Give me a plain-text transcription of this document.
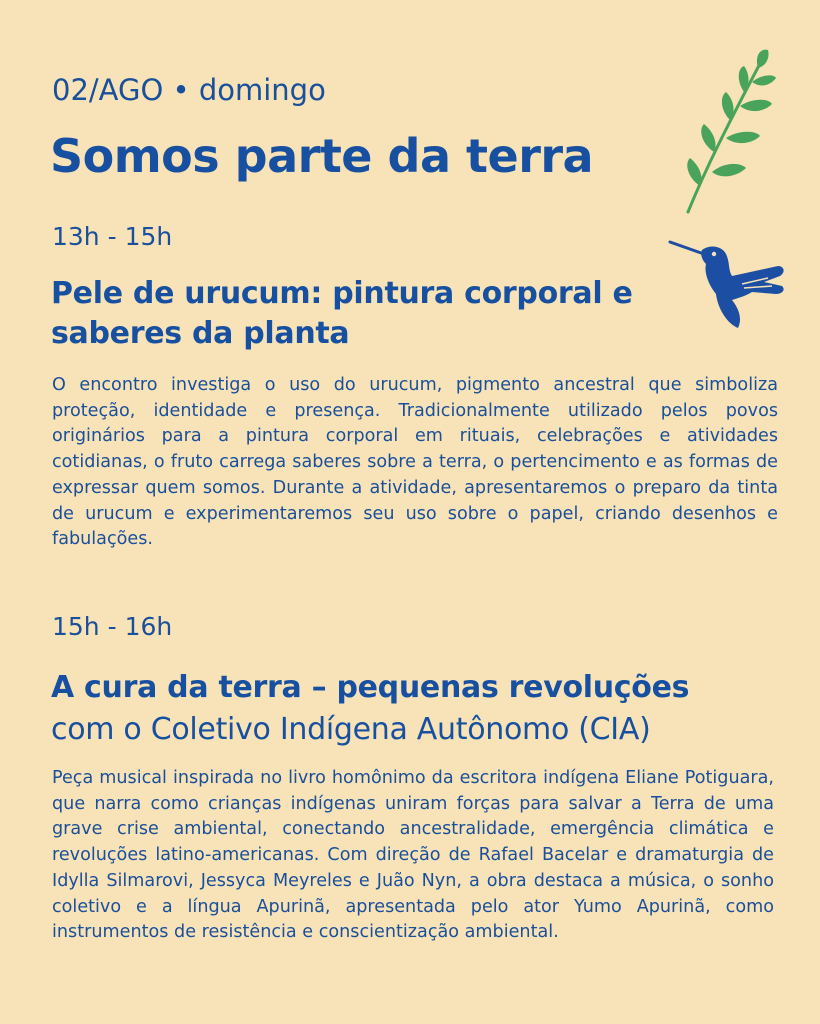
02/AGO • domingo
Somos parte da terra
13h - 15h
Pele de urucum: pintura corporal e saberes da planta

O encontro investiga o uso do urucum, pigmento ancestral que simboliza proteção, identidade e presença. Tradicionalmente utilizado pelos povos originários para a pintura corporal em rituais, celebrações e atividades cotidianas, o fruto carrega saberes sobre a terra, o pertencimento e as formas de expressar quem somos. Durante a atividade, apresentaremos o preparo da tinta de urucum e experimentaremos seu uso sobre o papel, criando desenhos e fabulações.

15h - 16h
A cura da terra – pequenas revoluções
com o Coletivo Indígena Autônomo (CIA)

Peça musical inspirada no livro homônimo da escritora indígena Eliane Potiguara, que narra como crianças indígenas uniram forças para salvar a Terra de uma grave crise ambiental, conectando ancestralidade, emergência climática e revoluções latino-americanas. Com direção de Rafael Bacelar e dramaturgia de Idylla Silmarovi, Jessyca Meyreles e Juão Nyn, a obra destaca a música, o sonho coletivo e a língua Apurinã, apresentada pelo ator Yumo Apurinã, como instrumentos de resistência e conscientização ambiental.
